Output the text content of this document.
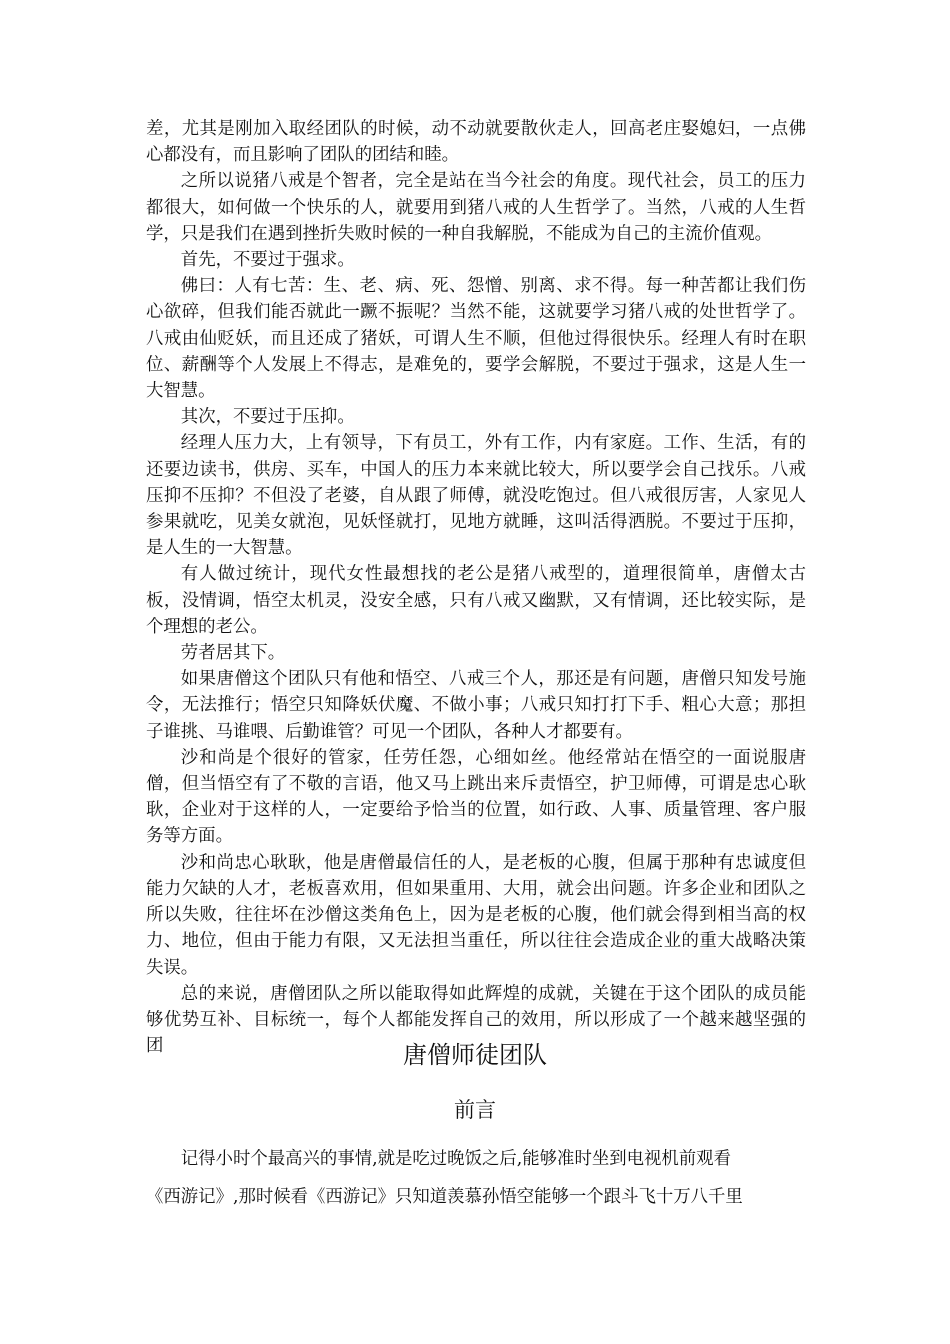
差，尤其是刚加入取经团队的时候，动不动就要散伙走人，回高老庄娶媳妇，一点佛心都没有，而且影响了团队的团结和睦。

之所以说猪八戒是个智者，完全是站在当今社会的角度。现代社会，员工的压力都很大，如何做一个快乐的人，就要用到猪八戒的人生哲学了。当然，八戒的人生哲学，只是我们在遇到挫折失败时候的一种自我解脱，不能成为自己的主流价值观。

首先，不要过于强求。

佛曰：人有七苦：生、老、病、死、怨憎、别离、求不得。每一种苦都让我们伤心欲碎，但我们能否就此一蹶不振呢？当然不能，这就要学习猪八戒的处世哲学了。八戒由仙贬妖，而且还成了猪妖，可谓人生不顺，但他过得很快乐。经理人有时在职位、薪酬等个人发展上不得志，是难免的，要学会解脱，不要过于强求，这是人生一大智慧。

其次，不要过于压抑。

经理人压力大，上有领导，下有员工，外有工作，内有家庭。工作、生活，有的还要边读书，供房、买车，中国人的压力本来就比较大，所以要学会自己找乐。八戒压抑不压抑？不但没了老婆，自从跟了师傅，就没吃饱过。但八戒很厉害，人家见人参果就吃，见美女就泡，见妖怪就打，见地方就睡，这叫活得洒脱。不要过于压抑，是人生的一大智慧。

有人做过统计，现代女性最想找的老公是猪八戒型的，道理很简单，唐僧太古板，没情调，悟空太机灵，没安全感，只有八戒又幽默，又有情调，还比较实际，是个理想的老公。

劳者居其下。

如果唐僧这个团队只有他和悟空、八戒三个人，那还是有问题，唐僧只知发号施令，无法推行；悟空只知降妖伏魔、不做小事；八戒只知打打下手、粗心大意；那担子谁挑、马谁喂、后勤谁管？可见一个团队，各种人才都要有。

沙和尚是个很好的管家，任劳任怨，心细如丝。他经常站在悟空的一面说服唐僧，但当悟空有了不敬的言语，他又马上跳出来斥责悟空，护卫师傅，可谓是忠心耿耿，企业对于这样的人，一定要给予恰当的位置，如行政、人事、质量管理、客户服务等方面。

沙和尚忠心耿耿，他是唐僧最信任的人，是老板的心腹，但属于那种有忠诚度但能力欠缺的人才，老板喜欢用，但如果重用、大用，就会出问题。许多企业和团队之所以失败，往往坏在沙僧这类角色上，因为是老板的心腹，他们就会得到相当高的权力、地位，但由于能力有限，又无法担当重任，所以往往会造成企业的重大战略决策失误。

总的来说，唐僧团队之所以能取得如此辉煌的成就，关键在于这个团队的成员能够优势互补、目标统一，每个人都能发挥自己的效用，所以形成了一个越来越坚强的团	唐僧师徒团队
前言

记得小时个最高兴的事情,就是吃过晚饭之后,能够准时坐到电视机前观看

《西游记》,那时候看《西游记》只知道羡慕孙悟空能够一个跟斗飞十万八千里
